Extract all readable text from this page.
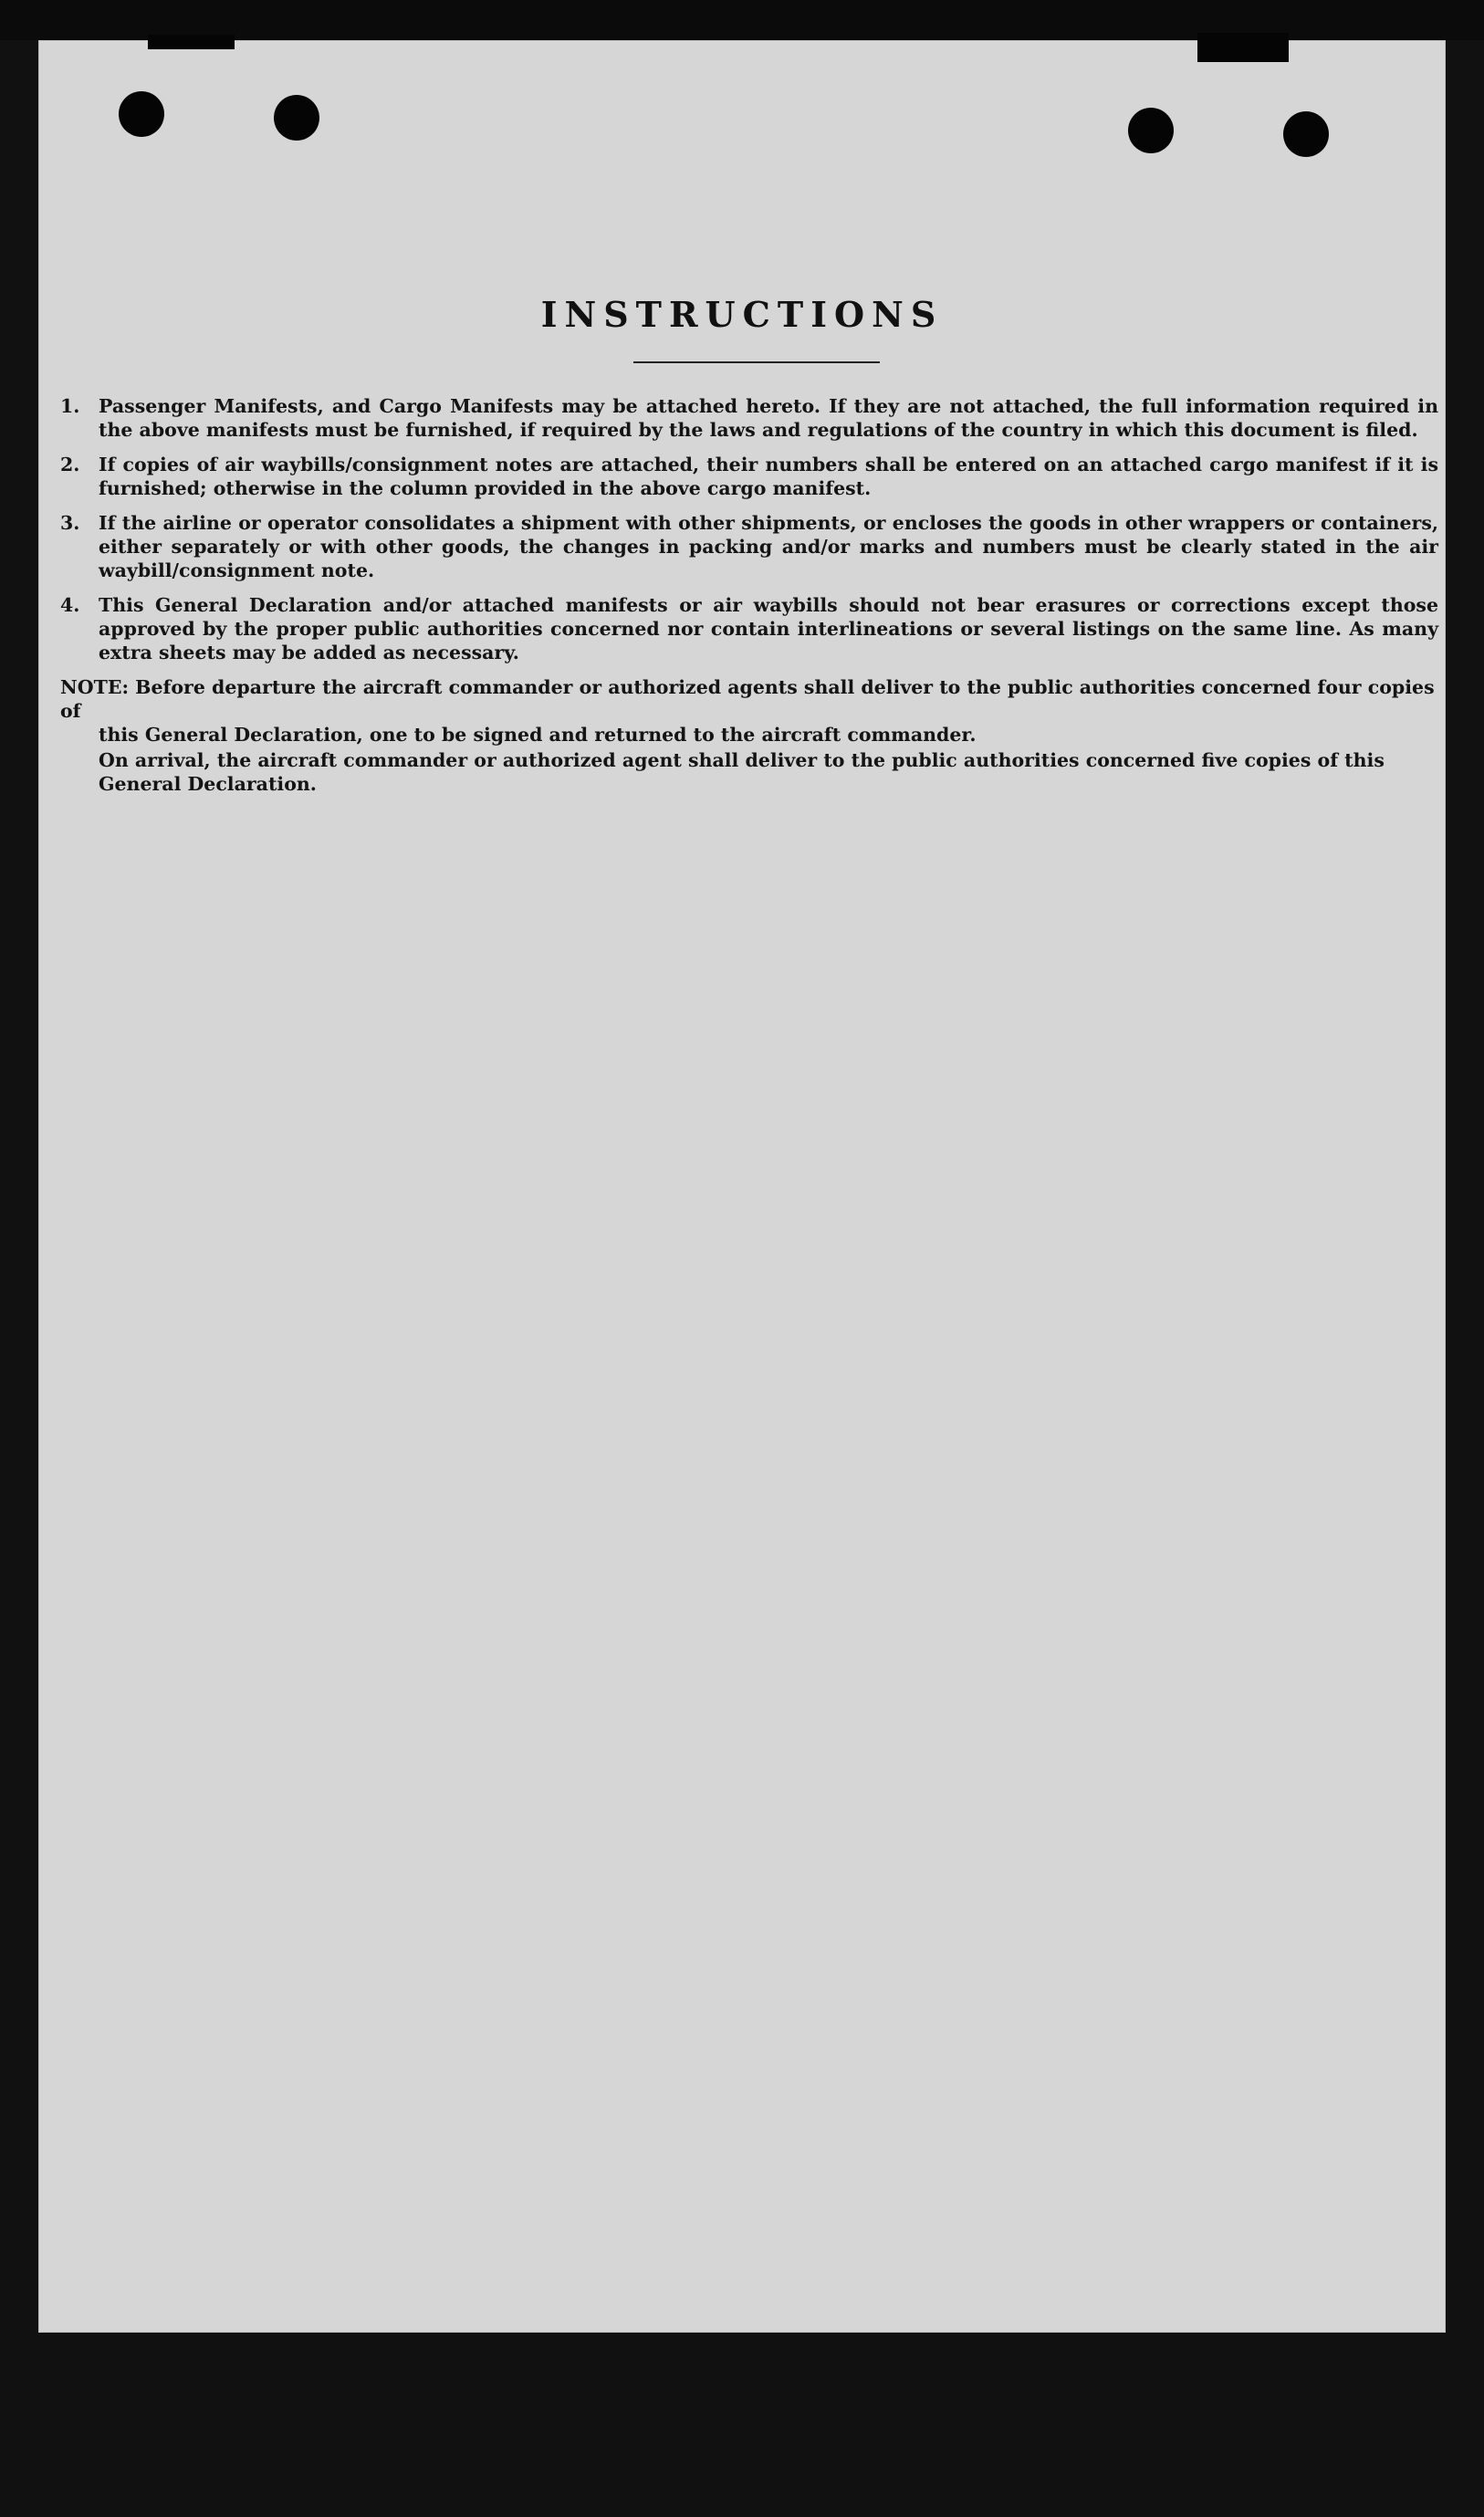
INSTRUCTIONS
1.	Passenger Manifests, and Cargo Manifests may be attached hereto. If they are not attached, the full information required in the above manifests must be furnished, if required by the laws and regulations of the country in which this document is filed.
2.	If copies of air waybills/consignment notes are attached, their numbers shall be entered on an attached cargo manifest if it is furnished; otherwise in the column provided in the above cargo manifest.
3.	If the airline or operator consolidates a shipment with other shipments, or encloses the goods in other wrappers or containers, either separately or with other goods, the changes in packing and/or marks and numbers must be clearly stated in the air waybill/consignment note.
4.	This General Declaration and/or attached manifests or air waybills should not bear erasures or corrections except those approved by the proper public authorities concerned nor contain interlineations or several listings on the same line. As many extra sheets may be added as necessary.
NOTE: Before departure the aircraft commander or authorized agents shall deliver to the public authorities concerned four copies of
this General Declaration, one to be signed and returned to the aircraft commander.
On arrival, the aircraft commander or authorized agent shall deliver to the public authorities concerned five copies of this General Declaration.
